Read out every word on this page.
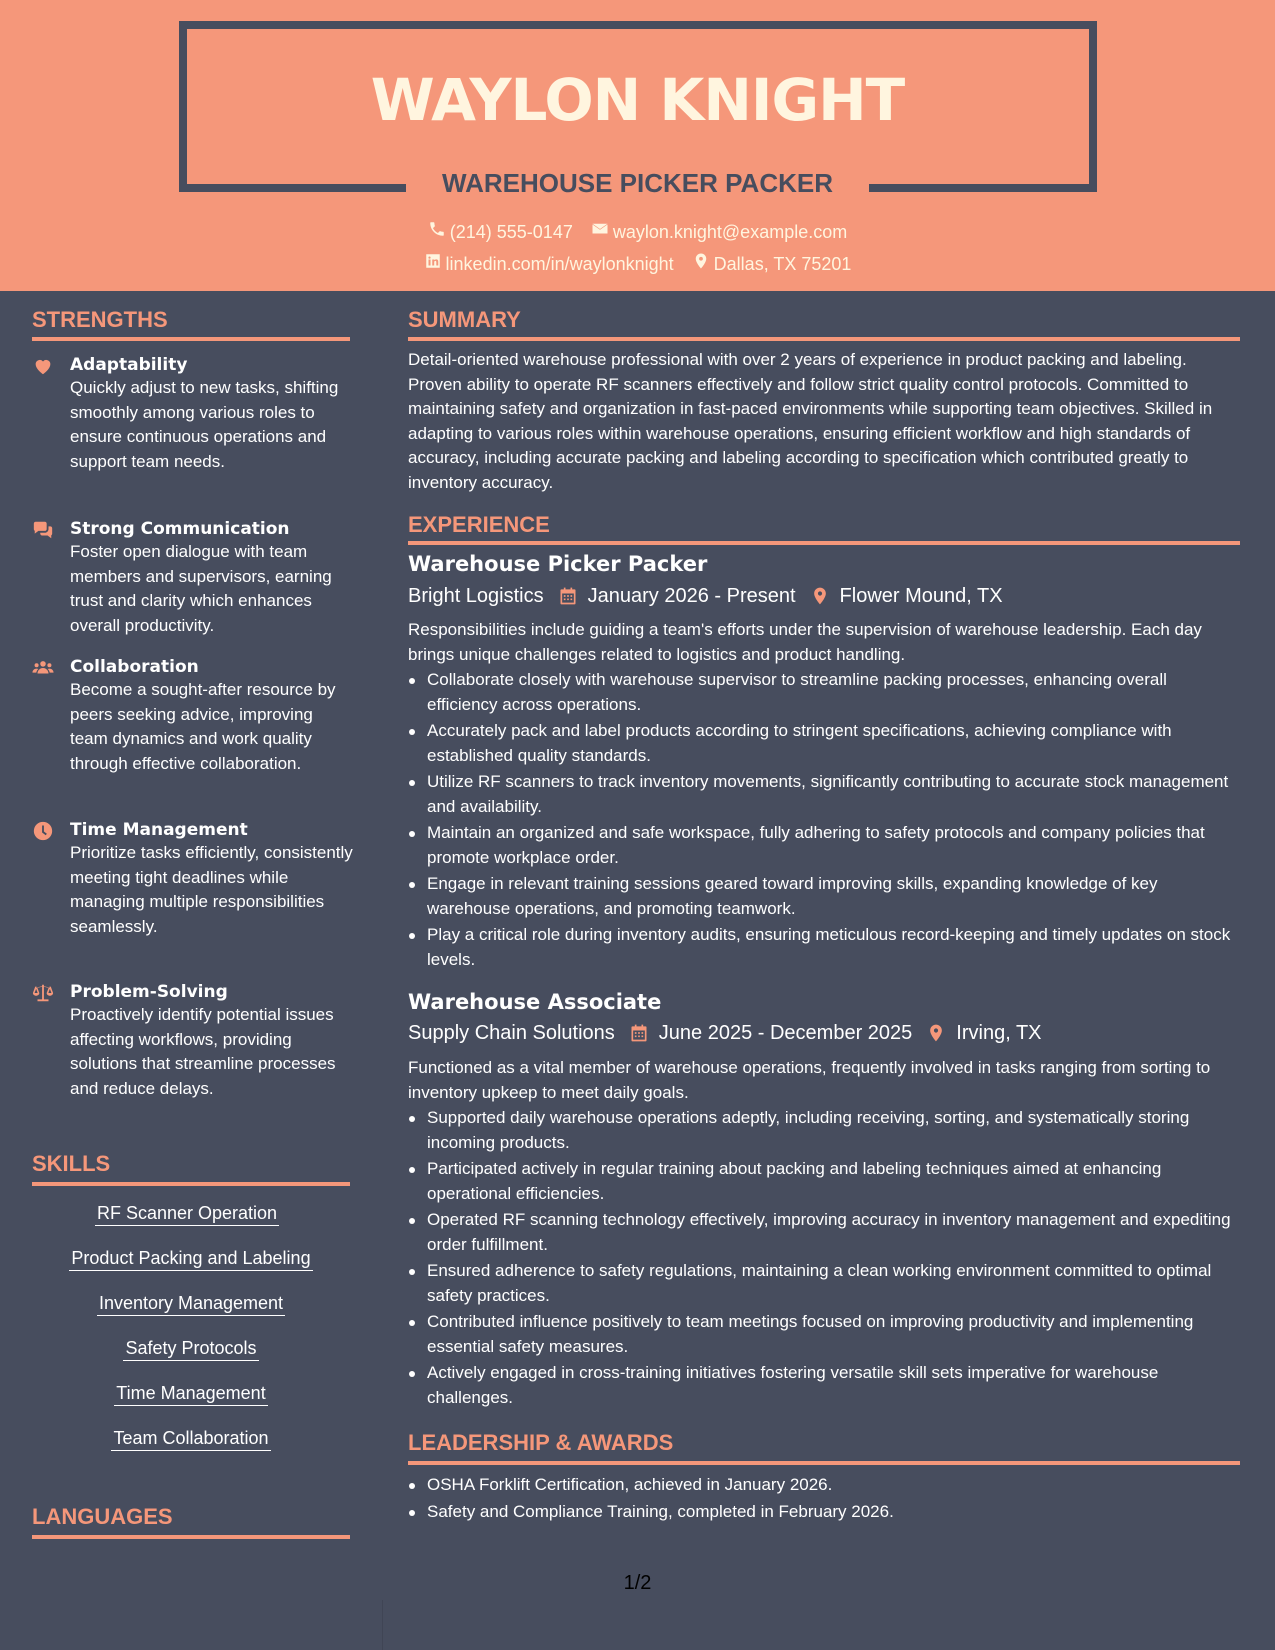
WAYLON KNIGHT
WAREHOUSE PICKER PACKER
(214) 555-0147 waylon.knight@example.com
linkedin.com/in/waylonknight Dallas, TX 75201
STRENGTHS
Adaptability
Quickly adjust to new tasks, shifting smoothly among various roles to ensure continuous operations and support team needs.
Strong Communication
Foster open dialogue with team members and supervisors, earning trust and clarity which enhances overall productivity.
Collaboration
Become a sought-after resource by peers seeking advice, improving team dynamics and work quality through effective collaboration.
Time Management
Prioritize tasks efficiently, consistently meeting tight deadlines while managing multiple responsibilities seamlessly.
Problem-Solving
Proactively identify potential issues affecting workflows, providing solutions that streamline processes and reduce delays.
SKILLS
RF Scanner Operation
Product Packing and Labeling
Inventory Management
Safety Protocols
Time Management
Team Collaboration
LANGUAGES
SUMMARY
Detail-oriented warehouse professional with over 2 years of experience in product packing and labeling. Proven ability to operate RF scanners effectively and follow strict quality control protocols. Committed to maintaining safety and organization in fast-paced environments while supporting team objectives. Skilled in adapting to various roles within warehouse operations, ensuring efficient workflow and high standards of accuracy, including accurate packing and labeling according to specification which contributed greatly to inventory accuracy.
EXPERIENCE
Warehouse Picker Packer
Bright Logistics January 2026 - Present Flower Mound, TX
Responsibilities include guiding a team's efforts under the supervision of warehouse leadership. Each day brings unique challenges related to logistics and product handling.
Collaborate closely with warehouse supervisor to streamline packing processes, enhancing overall efficiency across operations.
Accurately pack and label products according to stringent specifications, achieving compliance with established quality standards.
Utilize RF scanners to track inventory movements, significantly contributing to accurate stock management and availability.
Maintain an organized and safe workspace, fully adhering to safety protocols and company policies that promote workplace order.
Engage in relevant training sessions geared toward improving skills, expanding knowledge of key warehouse operations, and promoting teamwork.
Play a critical role during inventory audits, ensuring meticulous record-keeping and timely updates on stock levels.
Warehouse Associate
Supply Chain Solutions June 2025 - December 2025 Irving, TX
Functioned as a vital member of warehouse operations, frequently involved in tasks ranging from sorting to inventory upkeep to meet daily goals.
Supported daily warehouse operations adeptly, including receiving, sorting, and systematically storing incoming products.
Participated actively in regular training about packing and labeling techniques aimed at enhancing operational efficiencies.
Operated RF scanning technology effectively, improving accuracy in inventory management and expediting order fulfillment.
Ensured adherence to safety regulations, maintaining a clean working environment committed to optimal safety practices.
Contributed influence positively to team meetings focused on improving productivity and implementing essential safety measures.
Actively engaged in cross-training initiatives fostering versatile skill sets imperative for warehouse challenges.
LEADERSHIP & AWARDS
OSHA Forklift Certification, achieved in January 2026.
Safety and Compliance Training, completed in February 2026.
1/2
